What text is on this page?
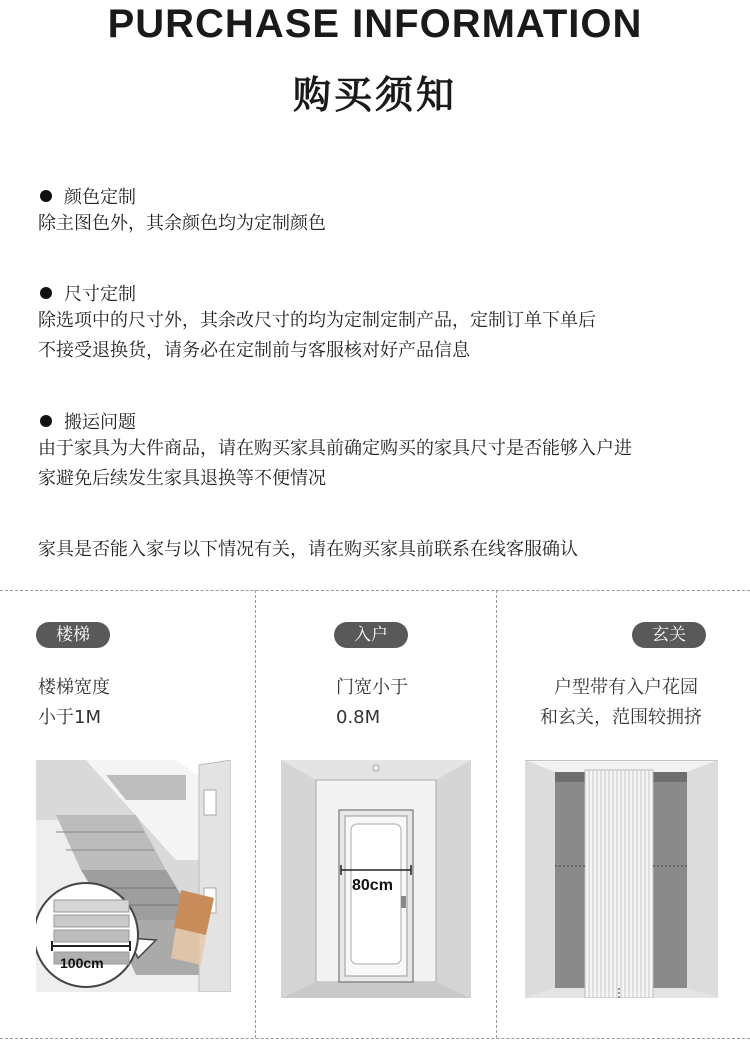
PURCHASE INFORMATION
购买须知
颜色定制
除主图色外，其余颜色均为定制颜色
尺寸定制
除选项中的尺寸外，其余改尺寸的均为定制定制产品，定制订单下单后
不接受退换货，请务必在定制前与客服核对好产品信息
搬运问题
由于家具为大件商品，请在购买家具前确定购买的家具尺寸是否能够入户进
家避免后续发生家具退换等不便情况
家具是否能入家与以下情况有关，请在购买家具前联系在线客服确认
楼梯
楼梯宽度
小于1M
100cm
入户
门宽小于
0.8M
80cm
玄关
户型带有入户花园
和玄关，范围较拥挤
